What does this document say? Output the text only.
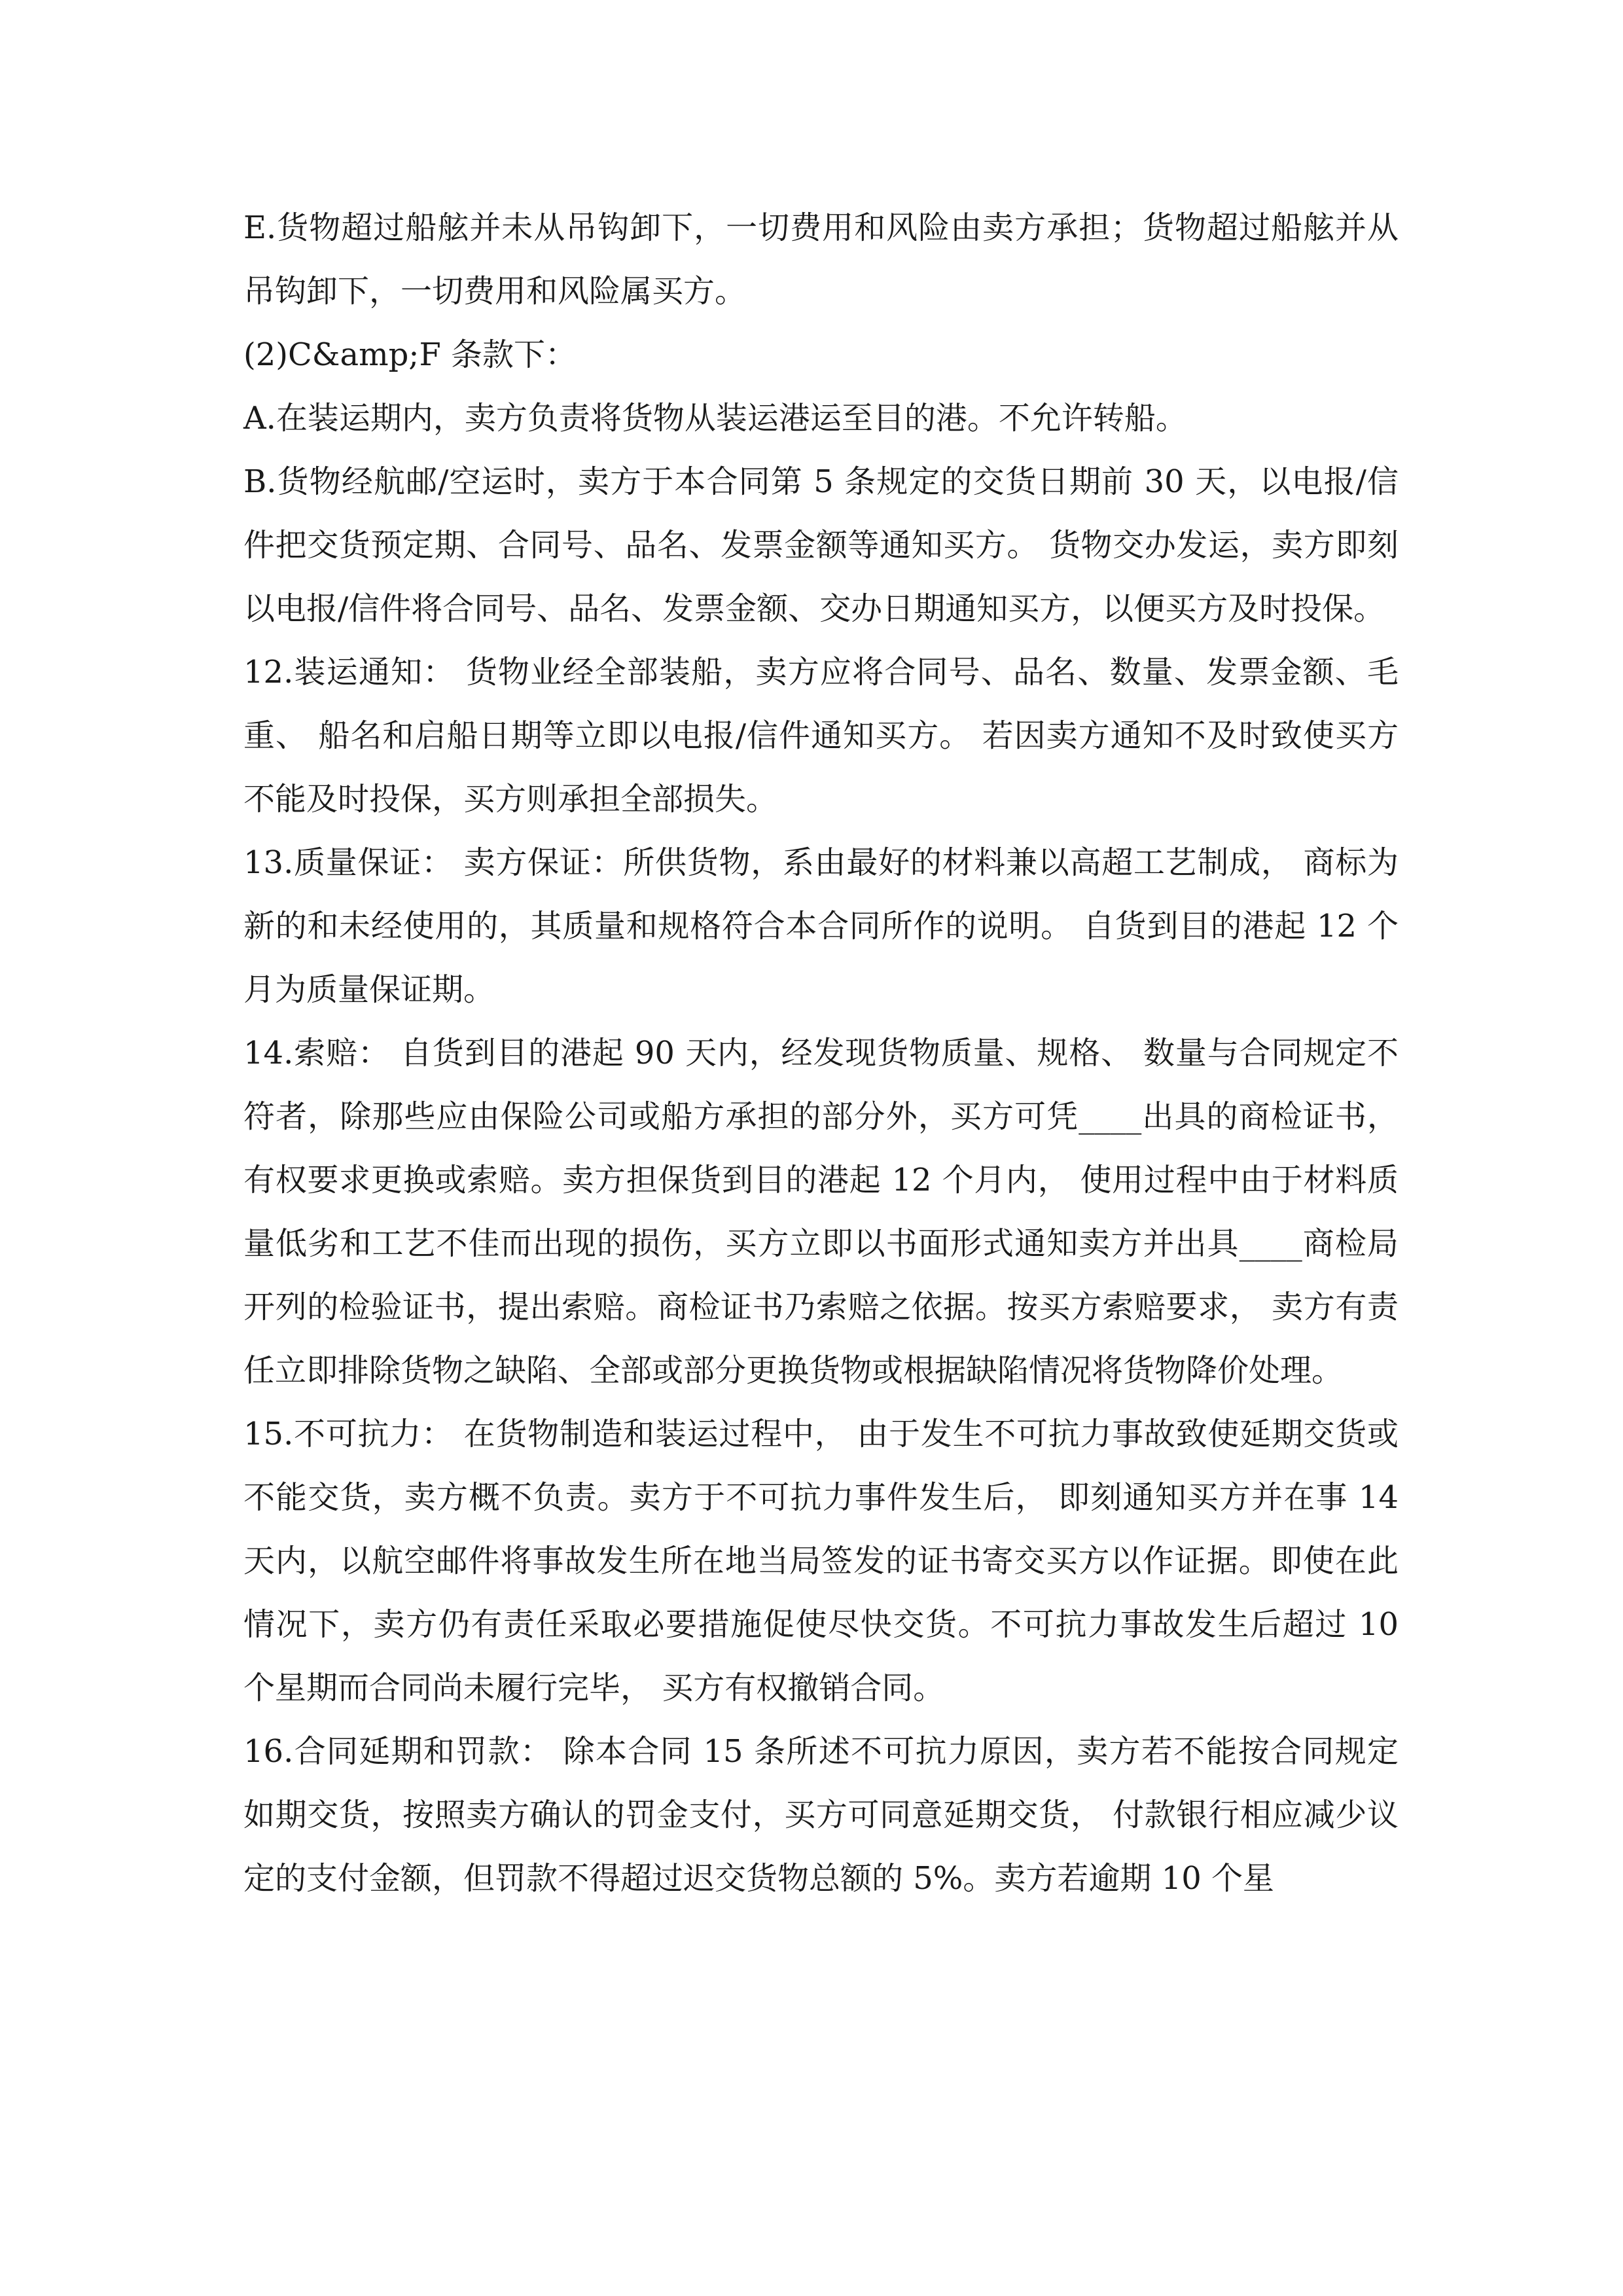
E.货物超过船舷并未从吊钩卸下，一切费用和风险由卖方承担；货物超过船舷并从吊钩卸下，一切费用和风险属买方。

(2)C&amp;F 条款下：

A.在装运期内，卖方负责将货物从装运港运至目的港。不允许转船。

B.货物经航邮/空运时，卖方于本合同第 5 条规定的交货日期前 30 天，以电报/信件把交货预定期、合同号、品名、发票金额等通知买方。 货物交办发运，卖方即刻以电报/信件将合同号、品名、发票金额、交办日期通知买方，以便买方及时投保。

12.装运通知： 货物业经全部装船，卖方应将合同号、品名、数量、发票金额、毛重、 船名和启船日期等立即以电报/信件通知买方。 若因卖方通知不及时致使买方不能及时投保，买方则承担全部损失。

13.质量保证： 卖方保证：所供货物，系由最好的材料兼以高超工艺制成， 商标为新的和未经使用的，其质量和规格符合本合同所作的说明。 自货到目的港起 12 个月为质量保证期。

14.索赔： 自货到目的港起 90 天内，经发现货物质量、规格、 数量与合同规定不符者，除那些应由保险公司或船方承担的部分外，买方可凭____出具的商检证书，有权要求更换或索赔。卖方担保货到目的港起 12 个月内， 使用过程中由于材料质量低劣和工艺不佳而出现的损伤，买方立即以书面形式通知卖方并出具____商检局开列的检验证书，提出索赔。商检证书乃索赔之依据。按买方索赔要求， 卖方有责任立即排除货物之缺陷、全部或部分更换货物或根据缺陷情况将货物降价处理。

15.不可抗力： 在货物制造和装运过程中， 由于发生不可抗力事故致使延期交货或不能交货，卖方概不负责。卖方于不可抗力事件发生后， 即刻通知买方并在事 14 天内，以航空邮件将事故发生所在地当局签发的证书寄交买方以作证据。即使在此情况下，卖方仍有责任采取必要措施促使尽快交货。不可抗力事故发生后超过 10 个星期而合同尚未履行完毕， 买方有权撤销合同。

16.合同延期和罚款： 除本合同 15 条所述不可抗力原因，卖方若不能按合同规定如期交货，按照卖方确认的罚金支付，买方可同意延期交货， 付款银行相应减少议定的支付金额，但罚款不得超过迟交货物总额的 5%。卖方若逾期 10 个星
